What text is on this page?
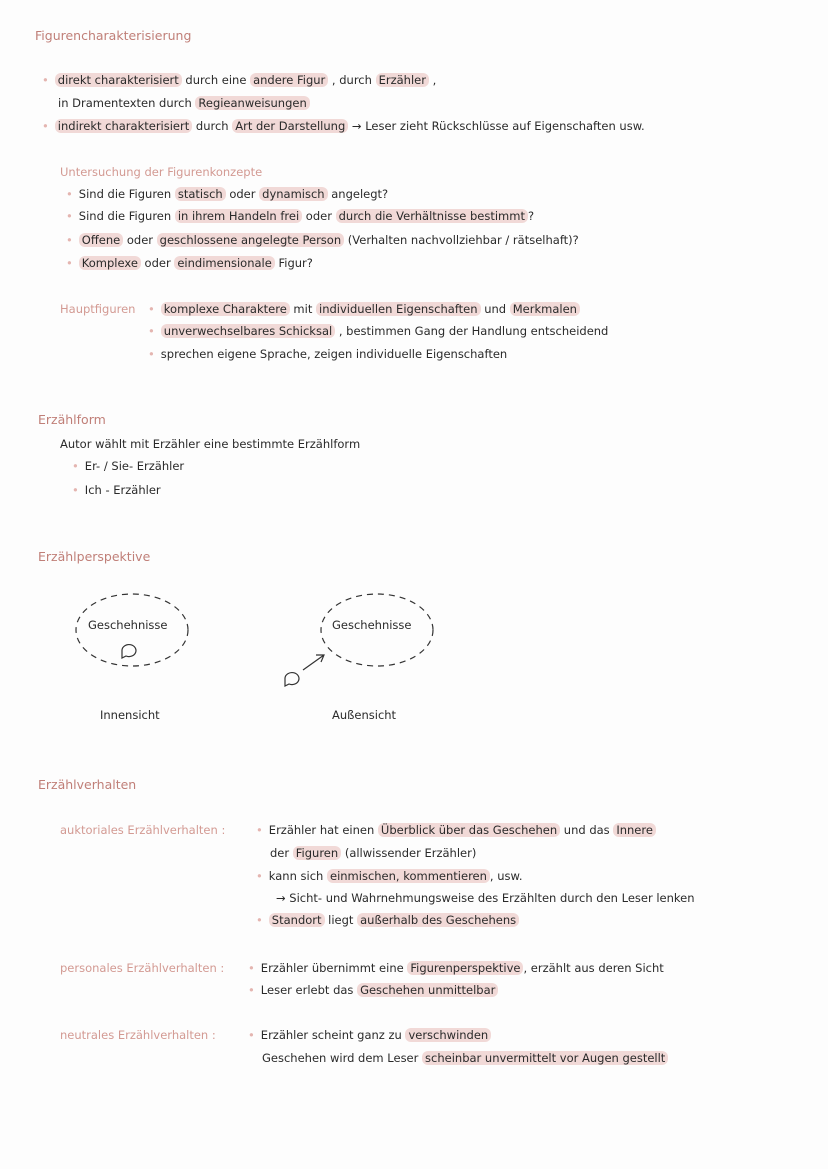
Figurencharakterisierung
• direkt charakterisiert durch eine andere Figur , durch Erzähler ,
in Dramentexten durch Regieanweisungen
• indirekt charakterisiert durch Art der Darstellung → Leser zieht Rückschlüsse auf Eigenschaften usw.
Untersuchung der Figurenkonzepte
• Sind die Figuren statisch oder dynamisch angelegt?
• Sind die Figuren in ihrem Handeln frei oder durch die Verhältnisse bestimmt ?
• Offene oder geschlossene angelegte Person (Verhalten nachvollziehbar / rätselhaft)?
• Komplexe oder eindimensionale Figur?
Hauptfiguren • komplexe Charaktere mit individuellen Eigenschaften und Merkmalen
• unverwechselbares Schicksal , bestimmen Gang der Handlung entscheidend
• sprechen eigene Sprache, zeigen individuelle Eigenschaften
Erzählform
Autor wählt mit Erzähler eine bestimmte Erzählform
• Er- / Sie- Erzähler
• Ich - Erzähler
Erzählperspektive
Geschehnisse	Geschehnisse
Innensicht	Außensicht
Erzählverhalten
auktoriales Erzählverhalten :	• Erzähler hat einen Überblick über das Geschehen und das Innere
der Figuren (allwissender Erzähler)
• kann sich einmischen, kommentieren , usw.
→ Sicht- und Wahrnehmungsweise des Erzählten durch den Leser lenken
• Standort liegt außerhalb des Geschehens
personales Erzählverhalten : • Erzähler übernimmt eine Figurenperspektive , erzählt aus deren Sicht
• Leser erlebt das Geschehen unmittelbar
neutrales Erzählverhalten :	• Erzähler scheint ganz zu verschwinden
Geschehen wird dem Leser scheinbar unvermittelt vor Augen gestellt
